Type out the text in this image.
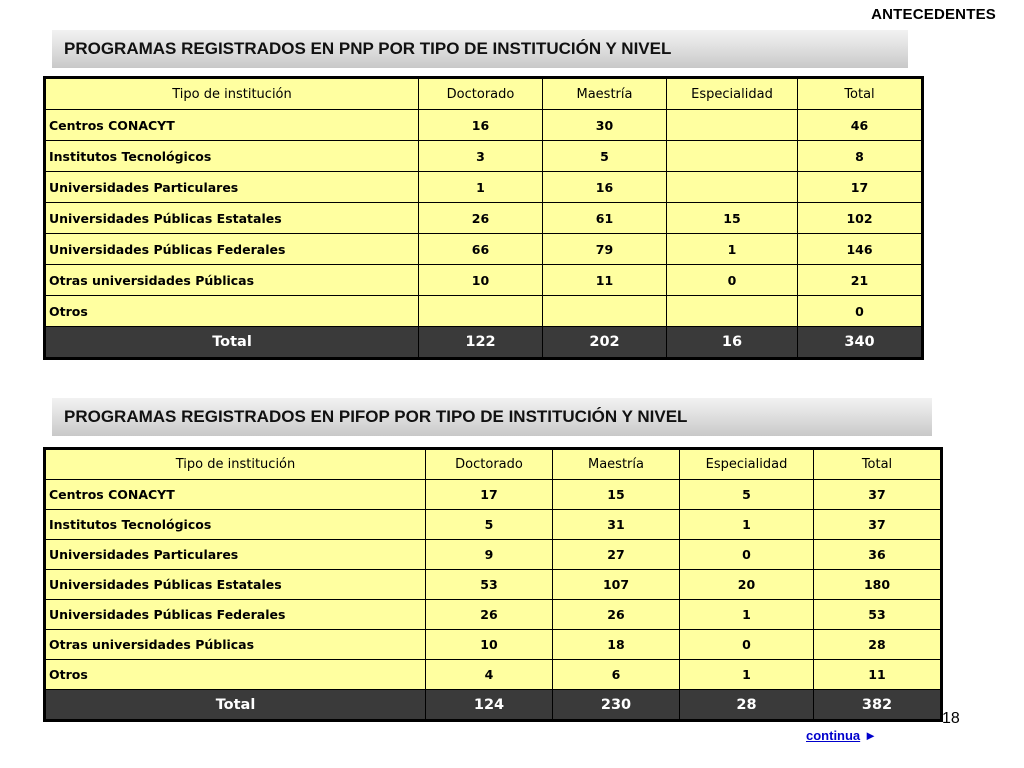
ANTECEDENTES
PROGRAMAS REGISTRADOS EN PNP POR TIPO DE INSTITUCIÓN Y NIVEL
Tipo de institución	Doctorado	Maestría	Especialidad	Total
Centros CONACYT	16	30		46
Institutos Tecnológicos	3	5		8
Universidades Particulares	1	16		17
Universidades Públicas Estatales	26	61	15	102
Universidades Públicas Federales	66	79	1	146
Otras universidades Públicas	10	11	0	21
Otros				0
Total	122	202	16	340
PROGRAMAS REGISTRADOS EN PIFOP POR TIPO DE INSTITUCIÓN Y NIVEL
Tipo de institución	Doctorado	Maestría	Especialidad	Total
Centros CONACYT	17	15	5	37
Institutos Tecnológicos	5	31	1	37
Universidades Particulares	9	27	0	36
Universidades Públicas Estatales	53	107	20	180
Universidades Públicas Federales	26	26	1	53
Otras universidades Públicas	10	18	0	28
Otros	4	6	1	11
Total	124	230	28	382
18
continua ►
